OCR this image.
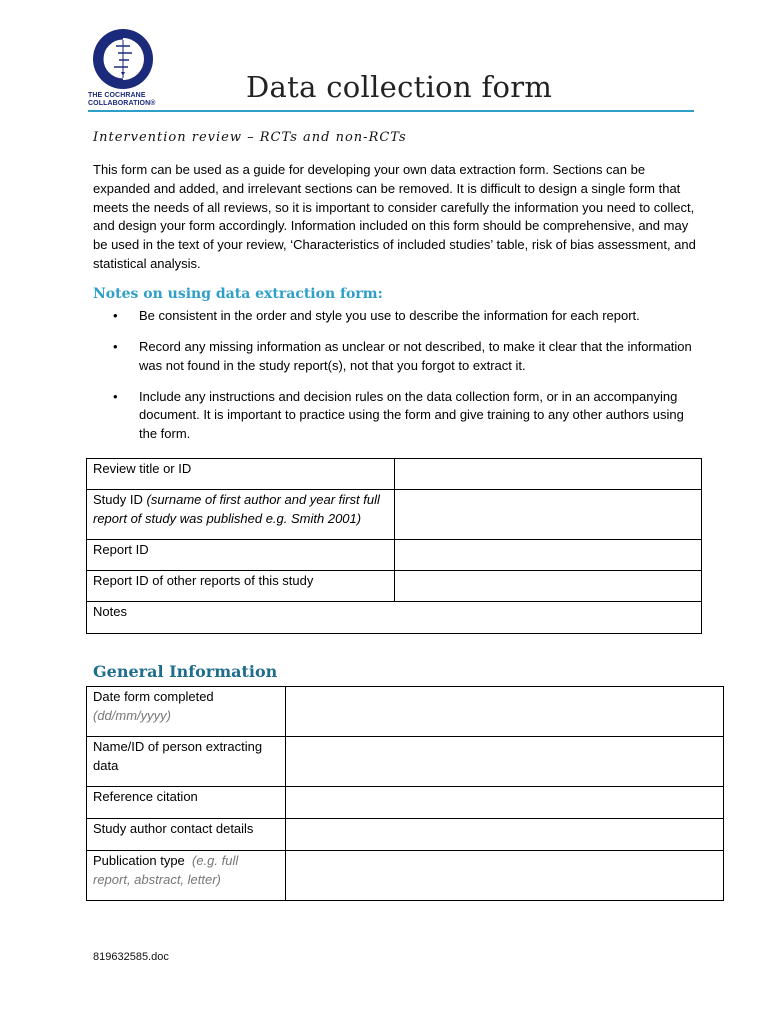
THE COCHRANE
COLLABORATION®	Data collection form
Intervention review – RCTs and non-RCTs
This form can be used as a guide for developing your own data extraction form. Sections can be expanded and added, and irrelevant sections can be removed. It is difficult to design a single form that meets the needs of all reviews, so it is important to consider carefully the information you need to collect, and design your form accordingly. Information included on this form should be comprehensive, and may be used in the text of your review, ‘Characteristics of included studies’ table, risk of bias assessment, and statistical analysis.
Notes on using data extraction form:
• Be consistent in the order and style you use to describe the information for each report.
• Record any missing information as unclear or not described, to make it clear that the information was not found in the study report(s), not that you forgot to extract it.
• Include any instructions and decision rules on the data collection form, or in an accompanying document. It is important to practice using the form and give training to any other authors using the form.
Review title or ID	
Study ID (surname of first author and year first full report of study was published e.g. Smith 2001)	
Report ID	
Report ID of other reports of this study	
Notes	
General Information
Date form completed
(dd/mm/yyyy)	

Name/ID of person extracting data	
Reference citation	
Study author contact details	
Publication type (e.g. full report, abstract, letter)	
819632585.doc
